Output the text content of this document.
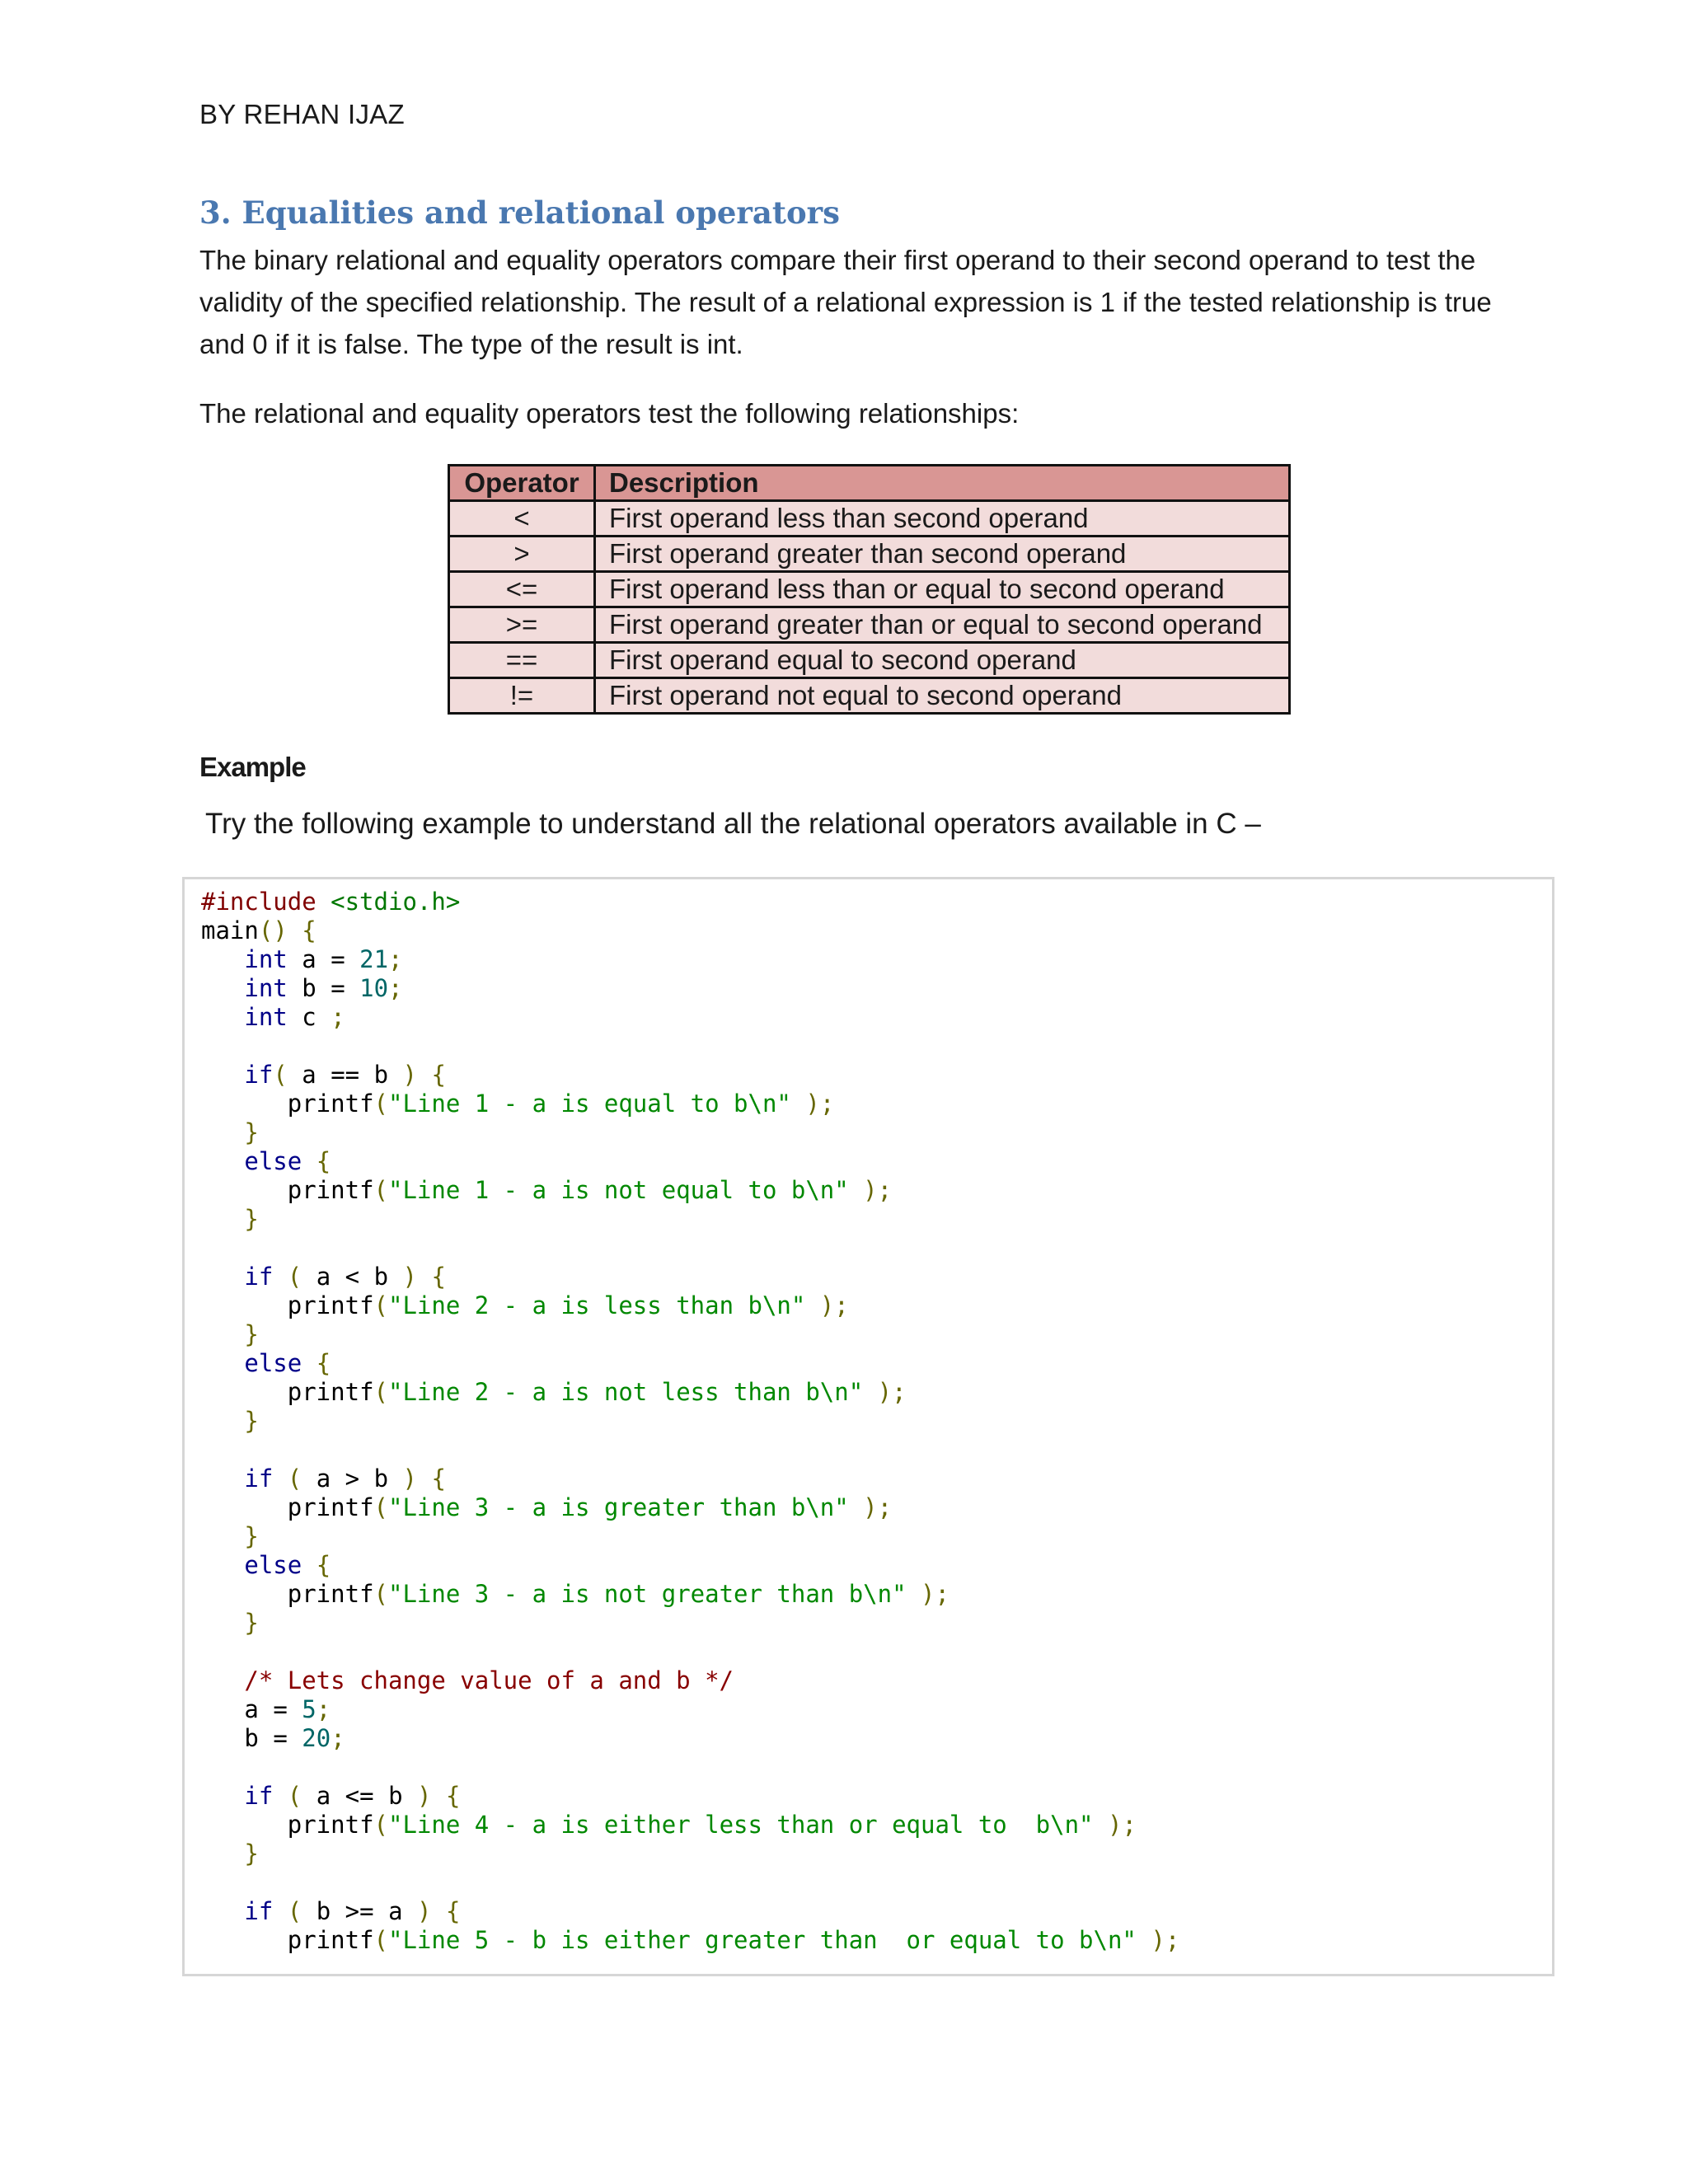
BY REHAN IJAZ
3. Equalities and relational operators

The binary relational and equality operators compare their first operand to their second operand to test the validity of the specified relationship. The result of a relational expression is 1 if the tested relationship is true and 0 if it is false. The type of the result is int.

The relational and equality operators test the following relationships:

Operator	Description
<	First operand less than second operand
>	First operand greater than second operand
<=	First operand less than or equal to second operand
>=	First operand greater than or equal to second operand
==	First operand equal to second operand
!=	First operand not equal to second operand
Example
Try the following example to understand all the relational operators available in C –
#include <stdio.h>
main() {
int a = 21;
int b = 10;
int c ;

if( a == b ) {
printf("Line 1 - a is equal to b\n" );
}
else {
printf("Line 1 - a is not equal to b\n" );
}

if ( a < b ) {
printf("Line 2 - a is less than b\n" );
}
else {
printf("Line 2 - a is not less than b\n" );
}

if ( a > b ) {
printf("Line 3 - a is greater than b\n" );
}
else {
printf("Line 3 - a is not greater than b\n" );
}

/* Lets change value of a and b */
a = 5;
b = 20;

if ( a <= b ) {
printf("Line 4 - a is either less than or equal to  b\n" );
}

if ( b >= a ) {
printf("Line 5 - b is either greater than  or equal to b\n" );
